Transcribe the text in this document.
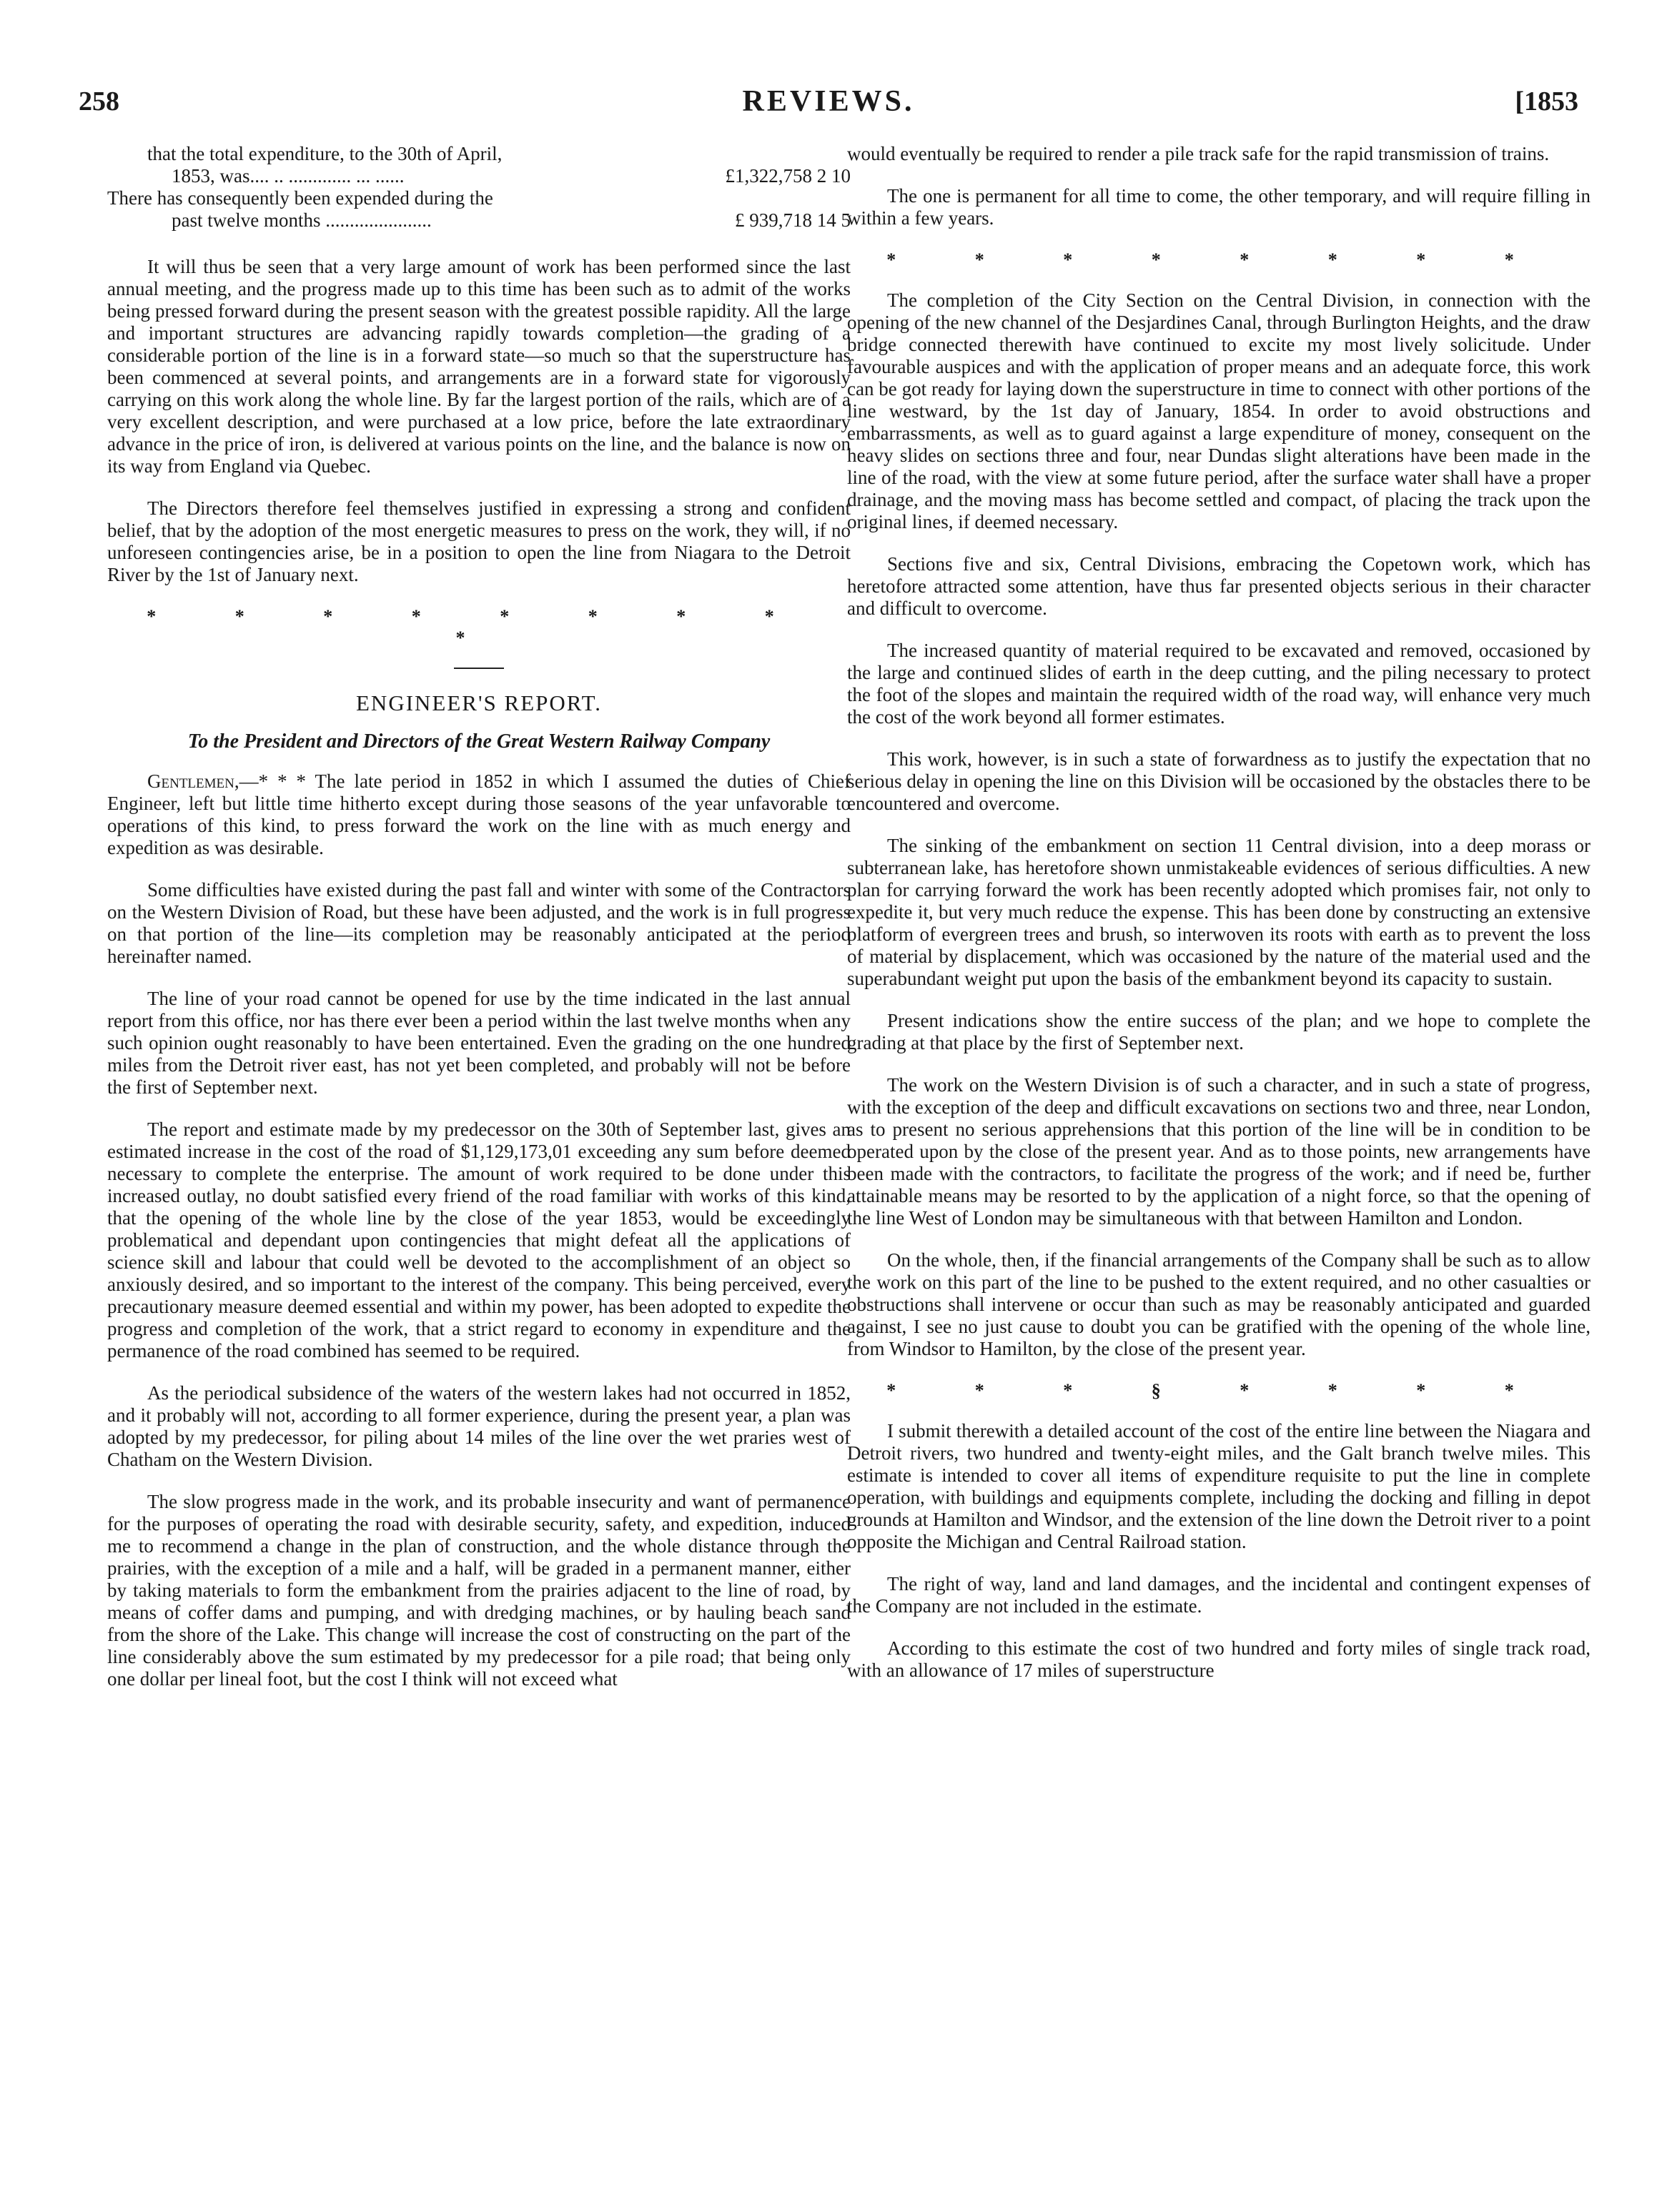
258	REVIEWS.	[1853
that the total expenditure, to the 30th of April,
1853, was.... .. ............. ... ......	£1,322,758 2 10
There has consequently been expended during the
past twelve months ......................	£ 939,718 14 5

It will thus be seen that a very large amount of work has been performed since the last annual meeting, and the progress made up to this time has been such as to admit of the works being pressed forward during the present season with the greatest possible rapidity. All the large and important structures are advancing rapidly towards completion—the grading of a considerable portion of the line is in a forward state—so much so that the superstructure has been commenced at several points, and arrangements are in a forward state for vigorously carrying on this work along the whole line. By far the largest portion of the rails, which are of a very excellent description, and were purchased at a low price, before the late extraordinary advance in the price of iron, is delivered at various points on the line, and the balance is now on its way from England via Quebec.

The Directors therefore feel themselves justified in expressing a strong and confident belief, that by the adoption of the most energetic measures to press on the work, they will, if no unforeseen contingencies arise, be in a position to open the line from Niagara to the Detroit River by the 1st of January next.

* * * * * * * * *
ENGINEER'S REPORT.
To the President and Directors of the Great Western Railway Company

Gentlemen,—* * * The late period in 1852 in which I assumed the duties of Chief Engineer, left but little time hitherto except during those seasons of the year unfavorable to operations of this kind, to press forward the work on the line with as much energy and expedition as was desirable.

Some difficulties have existed during the past fall and winter with some of the Contractors on the Western Division of Road, but these have been adjusted, and the work is in full progress on that portion of the line—its completion may be reasonably anticipated at the period hereinafter named.

The line of your road cannot be opened for use by the time indicated in the last annual report from this office, nor has there ever been a period within the last twelve months when any such opinion ought reasonably to have been entertained. Even the grading on the one hundred miles from the Detroit river east, has not yet been completed, and probably will not be before the first of September next.

The report and estimate made by my predecessor on the 30th of September last, gives an estimated increase in the cost of the road of $1,129,173,01 exceeding any sum before deemed necessary to complete the enterprise. The amount of work required to be done under this increased outlay, no doubt satisfied every friend of the road familiar with works of this kind, that the opening of the whole line by the close of the year 1853, would be exceedingly problematical and dependant upon contingencies that might defeat all the applications of science skill and labour that could well be devoted to the accomplishment of an object so anxiously desired, and so important to the interest of the company. This being perceived, every precautionary measure deemed essential and within my power, has been adopted to expedite the progress and completion of the work, that a strict regard to economy in expenditure and the permanence of the road combined has seemed to be required.

As the periodical subsidence of the waters of the western lakes had not occurred in 1852, and it probably will not, according to all former experience, during the present year, a plan was adopted by my predecessor, for piling about 14 miles of the line over the wet praries west of Chatham on the Western Division.

The slow progress made in the work, and its probable insecurity and want of permanence for the purposes of operating the road with desirable security, safety, and expedition, induced me to recommend a change in the plan of construction, and the whole distance through the prairies, with the exception of a mile and a half, will be graded in a permanent manner, either by taking materials to form the embankment from the prairies adjacent to the line of road, by means of coffer dams and pumping, and with dredging machines, or by hauling beach sand from the shore of the Lake. This change will increase the cost of constructing on the part of the line considerably above the sum estimated by my predecessor for a pile road; that being only one dollar per lineal foot, but the cost I think will not exceed what

would eventually be required to render a pile track safe for the rapid transmission of trains.

The one is permanent for all time to come, the other temporary, and will require filling in within a few years.

* * * * * * * *

The completion of the City Section on the Central Division, in connection with the opening of the new channel of the Desjardines Canal, through Burlington Heights, and the draw bridge connected therewith have continued to excite my most lively solicitude. Under favourable auspices and with the application of proper means and an adequate force, this work can be got ready for laying down the superstructure in time to connect with other portions of the line westward, by the 1st day of January, 1854. In order to avoid obstructions and embarrassments, as well as to guard against a large expenditure of money, consequent on the heavy slides on sections three and four, near Dundas slight alterations have been made in the line of the road, with the view at some future period, after the surface water shall have a proper drainage, and the moving mass has become settled and compact, of placing the track upon the original lines, if deemed necessary.

Sections five and six, Central Divisions, embracing the Copetown work, which has heretofore attracted some attention, have thus far presented objects serious in their character and difficult to overcome.

The increased quantity of material required to be excavated and removed, occasioned by the large and continued slides of earth in the deep cutting, and the piling necessary to protect the foot of the slopes and maintain the required width of the road way, will enhance very much the cost of the work beyond all former estimates.

This work, however, is in such a state of forwardness as to justify the expectation that no serious delay in opening the line on this Division will be occasioned by the obstacles there to be encountered and overcome.

The sinking of the embankment on section 11 Central division, into a deep morass or subterranean lake, has heretofore shown unmistakeable evidences of serious difficulties. A new plan for carrying forward the work has been recently adopted which promises fair, not only to expedite it, but very much reduce the expense. This has been done by constructing an extensive platform of evergreen trees and brush, so interwoven its roots with earth as to prevent the loss of material by displacement, which was occasioned by the nature of the material used and the superabundant weight put upon the basis of the embankment beyond its capacity to sustain.

Present indications show the entire success of the plan; and we hope to complete the grading at that place by the first of September next.

The work on the Western Division is of such a character, and in such a state of progress, with the exception of the deep and difficult excavations on sections two and three, near London, as to present no serious apprehensions that this portion of the line will be in condition to be operated upon by the close of the present year. And as to those points, new arrangements have been made with the contractors, to facilitate the progress of the work; and if need be, further attainable means may be resorted to by the application of a night force, so that the opening of the line West of London may be simultaneous with that between Hamilton and London.

On the whole, then, if the financial arrangements of the Company shall be such as to allow the work on this part of the line to be pushed to the extent required, and no other casualties or obstructions shall intervene or occur than such as may be reasonably anticipated and guarded against, I see no just cause to doubt you can be gratified with the opening of the whole line, from Windsor to Hamilton, by the close of the present year.

* * * § * * * *

I submit therewith a detailed account of the cost of the entire line between the Niagara and Detroit rivers, two hundred and twenty-eight miles, and the Galt branch twelve miles. This estimate is intended to cover all items of expenditure requisite to put the line in complete operation, with buildings and equipments complete, including the docking and filling in depot grounds at Hamilton and Windsor, and the extension of the line down the Detroit river to a point opposite the Michigan and Central Railroad station.

The right of way, land and land damages, and the incidental and contingent expenses of the Company are not included in the estimate.

According to this estimate the cost of two hundred and forty miles of single track road, with an allowance of 17 miles of superstructure
